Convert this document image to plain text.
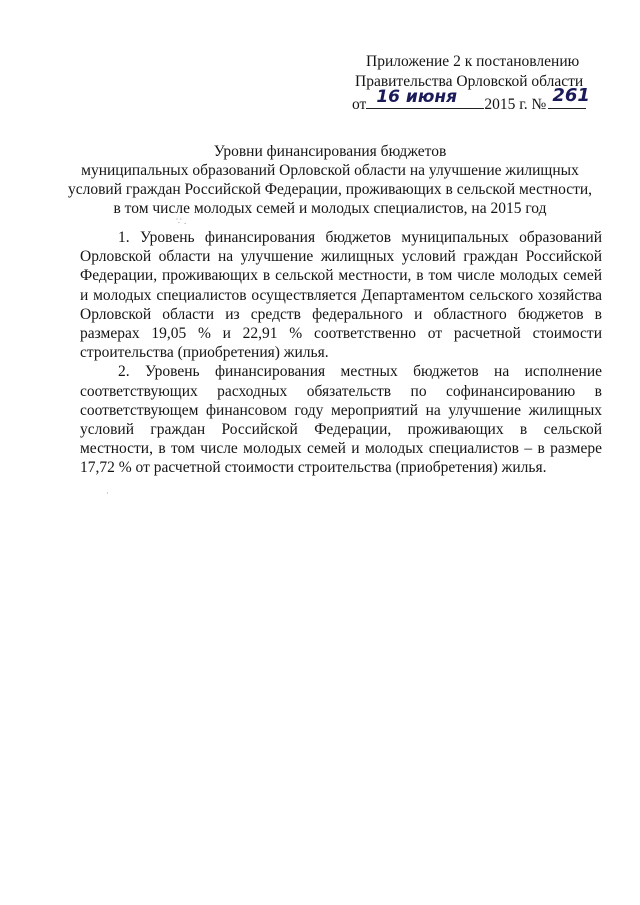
Приложение 2 к постановлению
Правительства Орловской области
от 16 июня 2015 г. № 261
Уровни финансирования бюджетов
муниципальных образований Орловской области на улучшение жилищных
условий граждан Российской Федерации, проживающих в сельской местности,
в том числе молодых семей и молодых специалистов, на 2015 год
∵ .

1. Уровень финансирования бюджетов муниципальных образований Орловской области на улучшение жилищных условий граждан Российской Федерации, проживающих в сельской местности, в том числе молодых семей и молодых специалистов осуществляется Департаментом сельского хозяйства Орловской области из средств федерального и областного бюджетов в размерах 19,05 % и 22,91 % соответственно от расчетной стоимости строительства (приобретения) жилья.

2. Уровень финансирования местных бюджетов на исполнение соответствующих расходных обязательств по софинансированию в соответствующем финансовом году мероприятий на улучшение жилищных условий граждан Российской Федерации, проживающих в сельской местности, в том числе молодых семей и молодых специалистов – в размере 17,72 % от расчетной стоимости строительства (приобретения) жилья.

·
